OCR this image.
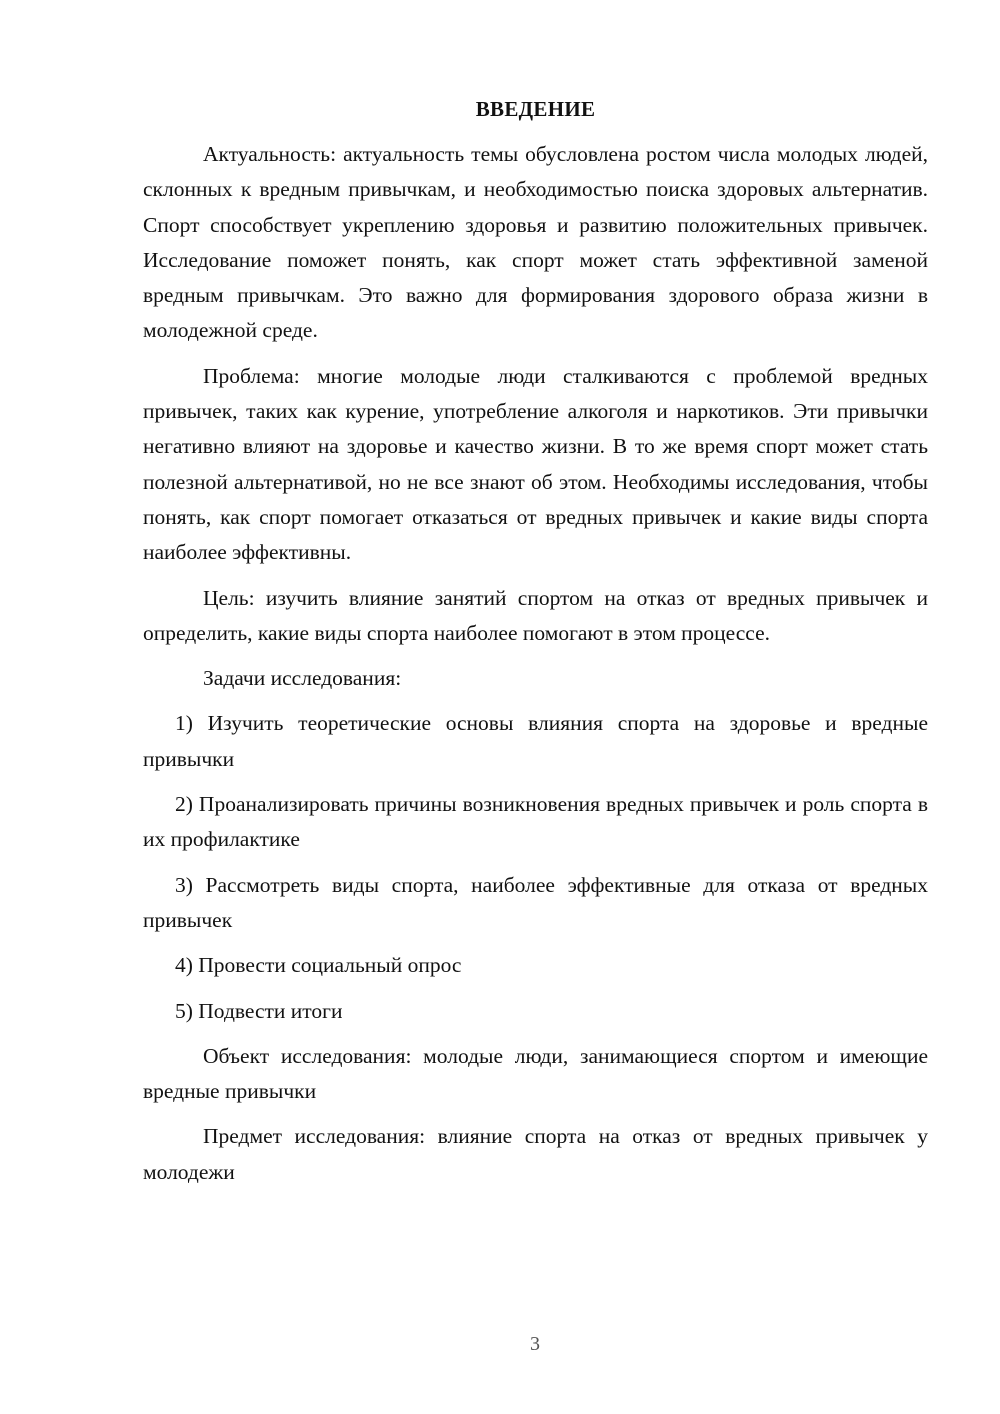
ВВЕДЕНИЕ

Актуальность: актуальность темы обусловлена ростом числа молодых людей, склонных к вредным привычкам, и необходимостью поиска здоровых альтернатив. Спорт способствует укреплению здоровья и развитию положительных привычек. Исследование поможет понять, как спорт может стать эффективной заменой вредным привычкам. Это важно для формирования здорового образа жизни в молодежной среде.

Проблема: многие молодые люди сталкиваются с проблемой вредных привычек, таких как курение, употребление алкоголя и наркотиков. Эти привычки негативно влияют на здоровье и качество жизни. В то же время спорт может стать полезной альтернативой, но не все знают об этом. Необходимы исследования, чтобы понять, как спорт помогает отказаться от вредных привычек и какие виды спорта наиболее эффективны.

Цель: изучить влияние занятий спортом на отказ от вредных привычек и определить, какие виды спорта наиболее помогают в этом процессе.

Задачи исследования:

1) Изучить теоретические основы влияния спорта на здоровье и вредные привычки

2) Проанализировать причины возникновения вредных привычек и роль спорта в их профилактике

3) Рассмотреть виды спорта, наиболее эффективные для отказа от вредных привычек

4) Провести социальный опрос

5) Подвести итоги

Объект исследования: молодые люди, занимающиеся спортом и имеющие вредные привычки

Предмет исследования: влияние спорта на отказ от вредных привычек у молодежи

3
